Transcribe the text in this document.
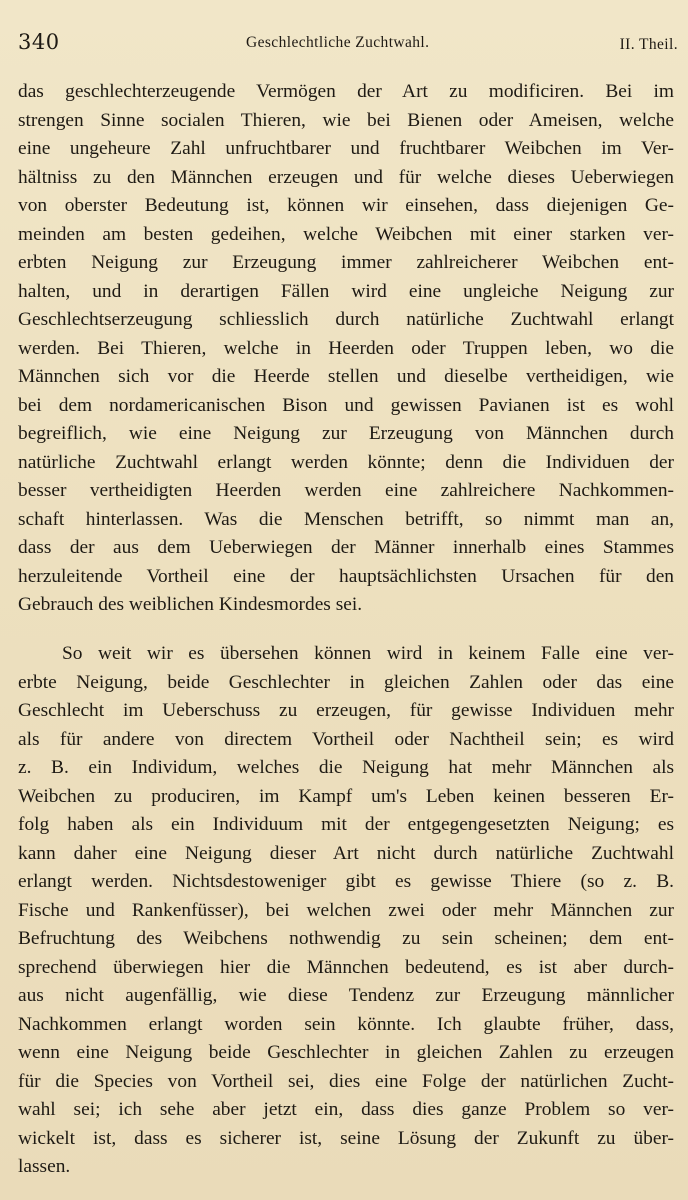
340	Geschlechtliche Zuchtwahl.	II. Theil.
das geschlechterzeugende Vermögen der Art zu modificiren. Bei im
strengen Sinne socialen Thieren, wie bei Bienen oder Ameisen, welche
eine ungeheure Zahl unfruchtbarer und fruchtbarer Weibchen im Ver-
hältniss zu den Männchen erzeugen und für welche dieses Ueberwiegen
von oberster Bedeutung ist, können wir einsehen, dass diejenigen Ge-
meinden am besten gedeihen, welche Weibchen mit einer starken ver-
erbten Neigung zur Erzeugung immer zahlreicherer Weibchen ent-
halten, und in derartigen Fällen wird eine ungleiche Neigung zur
Geschlechtserzeugung schliesslich durch natürliche Zuchtwahl erlangt
werden. Bei Thieren, welche in Heerden oder Truppen leben, wo die
Männchen sich vor die Heerde stellen und dieselbe vertheidigen, wie
bei dem nordamericanischen Bison und gewissen Pavianen ist es wohl
begreiflich, wie eine Neigung zur Erzeugung von Männchen durch
natürliche Zuchtwahl erlangt werden könnte; denn die Individuen der
besser vertheidigten Heerden werden eine zahlreichere Nachkommen-
schaft hinterlassen. Was die Menschen betrifft, so nimmt man an,
dass der aus dem Ueberwiegen der Männer innerhalb eines Stammes
herzuleitende Vortheil eine der hauptsächlichsten Ursachen für den
Gebrauch des weiblichen Kindesmordes sei.
So weit wir es übersehen können wird in keinem Falle eine ver-
erbte Neigung, beide Geschlechter in gleichen Zahlen oder das eine
Geschlecht im Ueberschuss zu erzeugen, für gewisse Individuen mehr
als für andere von directem Vortheil oder Nachtheil sein; es wird
z. B. ein Individum, welches die Neigung hat mehr Männchen als
Weibchen zu produciren, im Kampf um's Leben keinen besseren Er-
folg haben als ein Individuum mit der entgegengesetzten Neigung; es
kann daher eine Neigung dieser Art nicht durch natürliche Zuchtwahl
erlangt werden. Nichtsdestoweniger gibt es gewisse Thiere (so z. B.
Fische und Rankenfüsser), bei welchen zwei oder mehr Männchen zur
Befruchtung des Weibchens nothwendig zu sein scheinen; dem ent-
sprechend überwiegen hier die Männchen bedeutend, es ist aber durch-
aus nicht augenfällig, wie diese Tendenz zur Erzeugung männlicher
Nachkommen erlangt worden sein könnte. Ich glaubte früher, dass,
wenn eine Neigung beide Geschlechter in gleichen Zahlen zu erzeugen
für die Species von Vortheil sei, dies eine Folge der natürlichen Zucht-
wahl sei; ich sehe aber jetzt ein, dass dies ganze Problem so ver-
wickelt ist, dass es sicherer ist, seine Lösung der Zukunft zu über-
lassen.
